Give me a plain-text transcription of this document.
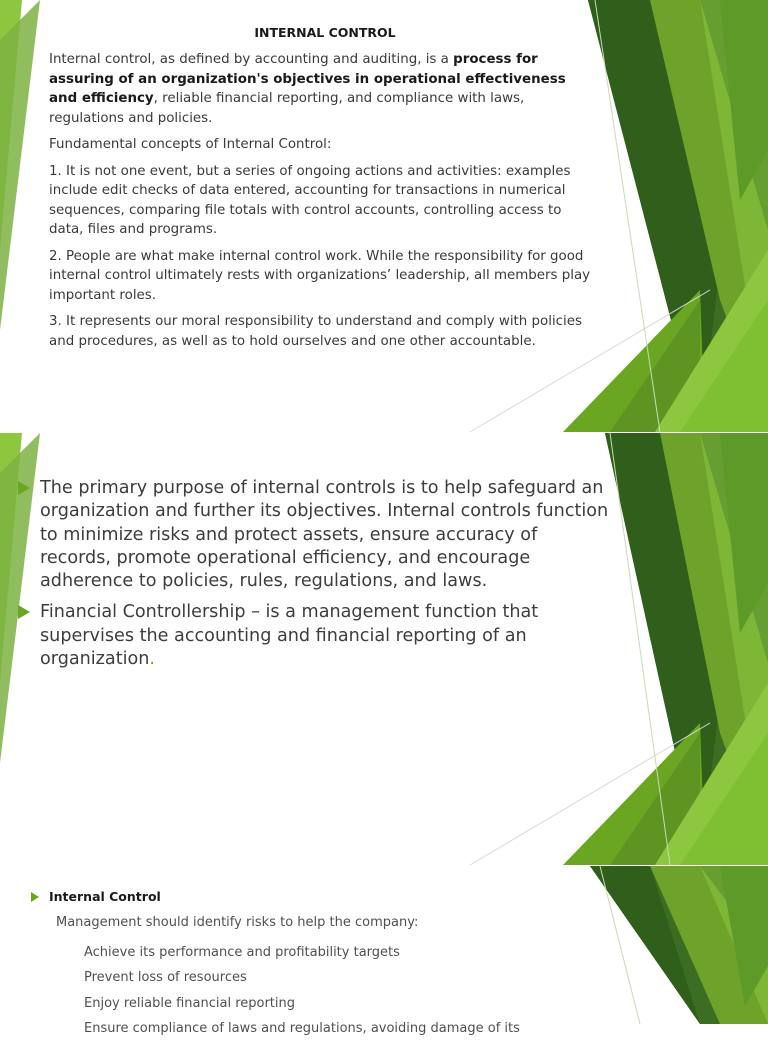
INTERNAL CONTROL

Internal control, as defined by accounting and auditing, is a process for assuring of an organization's objectives in operational effectiveness and efficiency, reliable financial reporting, and compliance with laws, regulations and policies.

Fundamental concepts of Internal Control:

1. It is not one event, but a series of ongoing actions and activities: examples include edit checks of data entered, accounting for transactions in numerical sequences, comparing file totals with control accounts, controlling access to data, files and programs.

2. People are what make internal control work. While the responsibility for good internal control ultimately rests with organizations’ leadership, all members play important roles.

3. It represents our moral responsibility to understand and comply with policies and procedures, as well as to hold ourselves and one other accountable.

The primary purpose of internal controls is to help safeguard an organization and further its objectives. Internal controls function to minimize risks and protect assets, ensure accuracy of records, promote operational efficiency, and encourage adherence to policies, rules, regulations, and laws.
Financial Controllership – is a management function that supervises the accounting and financial reporting of an organization.
Internal Control
Management should identify risks to help the company:
Achieve its performance and profitability targets
Prevent loss of resources
Enjoy reliable financial reporting
Ensure compliance of laws and regulations, avoiding damage of its
